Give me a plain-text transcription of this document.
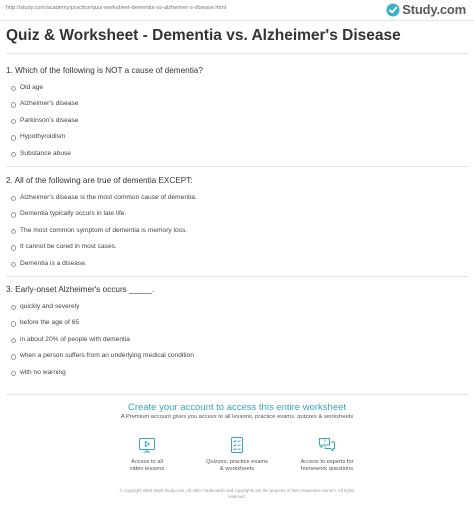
http://study.com/academy/practice/quiz-worksheet-dementia-vs-alzheimer-s-disease.html	Study.com
Quiz & Worksheet - Dementia vs. Alzheimer's Disease
1. Which of the following is NOT a cause of dementia?
Old age
Alzheimer's disease
Parkinson's disease
Hypothyroidism
Substance abuse
2. All of the following are true of dementia EXCEPT:
Alzheimer's disease is the most common cause of dementia.
Dementia typically occurs in late life.
The most common symptom of dementia is memory loss.
It cannot be cured in most cases.
Dementia is a disease.
3. Early-onset Alzheimer's occurs _____.
quickly and severely
before the age of 65
in about 20% of people with dementia
when a person suffers from an underlying medical condition
with no warning
Create your account to access this entire worksheet
A Premium account gives you access to all lessons, practice exams, quizzes & worksheets
Access to all
video lessons
Quizzes, practice exams
& worksheets
?
Access to experts for
homework questions
© copyright 2003-2020 Study.com. All other trademarks and copyrights are the property of their respective owners. All rights
reserved.
